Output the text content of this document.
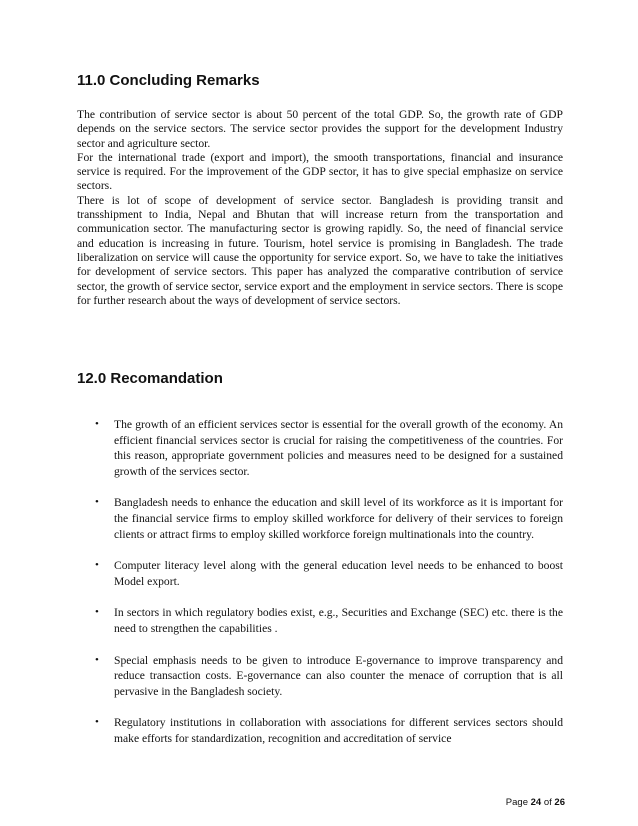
11.0 Concluding Remarks

The contribution of service sector is about 50 percent of the total GDP. So, the growth rate of GDP depends on the service sectors. The service sector provides the support for the development Industry sector and agriculture sector.

For the international trade (export and import), the smooth transportations, financial and insurance service is required. For the improvement of the GDP sector, it has to give special emphasize on service sectors.

There is lot of scope of development of service sector. Bangladesh is providing transit and transshipment to India, Nepal and Bhutan that will increase return from the transportation and communication sector. The manufacturing sector is growing rapidly. So, the need of financial service and education is increasing in future. Tourism, hotel service is promising in Bangladesh. The trade liberalization on service will cause the opportunity for service export. So, we have to take the initiatives for development of service sectors. This paper has analyzed the comparative contribution of service sector, the growth of service sector, service export and the employment in service sectors. There is scope for further research about the ways of development of service sectors.

12.0 Recomandation
• The growth of an efficient services sector is essential for the overall growth of the economy. An efficient financial services sector is crucial for raising the competitiveness of the countries. For this reason, appropriate government policies and measures need to be designed for a sustained growth of the services sector.
• Bangladesh needs to enhance the education and skill level of its workforce as it is important for the financial service firms to employ skilled workforce for delivery of their services to foreign clients or attract firms to employ skilled workforce foreign multinationals into the country.
• Computer literacy level along with the general education level needs to be enhanced to boost Model export.
• In sectors in which regulatory bodies exist, e.g., Securities and Exchange (SEC) etc. there is the need to strengthen the capabilities .
• Special emphasis needs to be given to introduce E-governance to improve transparency and reduce transaction costs. E-governance can also counter the menace of corruption that is all pervasive in the Bangladesh society.
• Regulatory institutions in collaboration with associations for different services sectors should make efforts for standardization, recognition and accreditation of service
Page 24 of 26
